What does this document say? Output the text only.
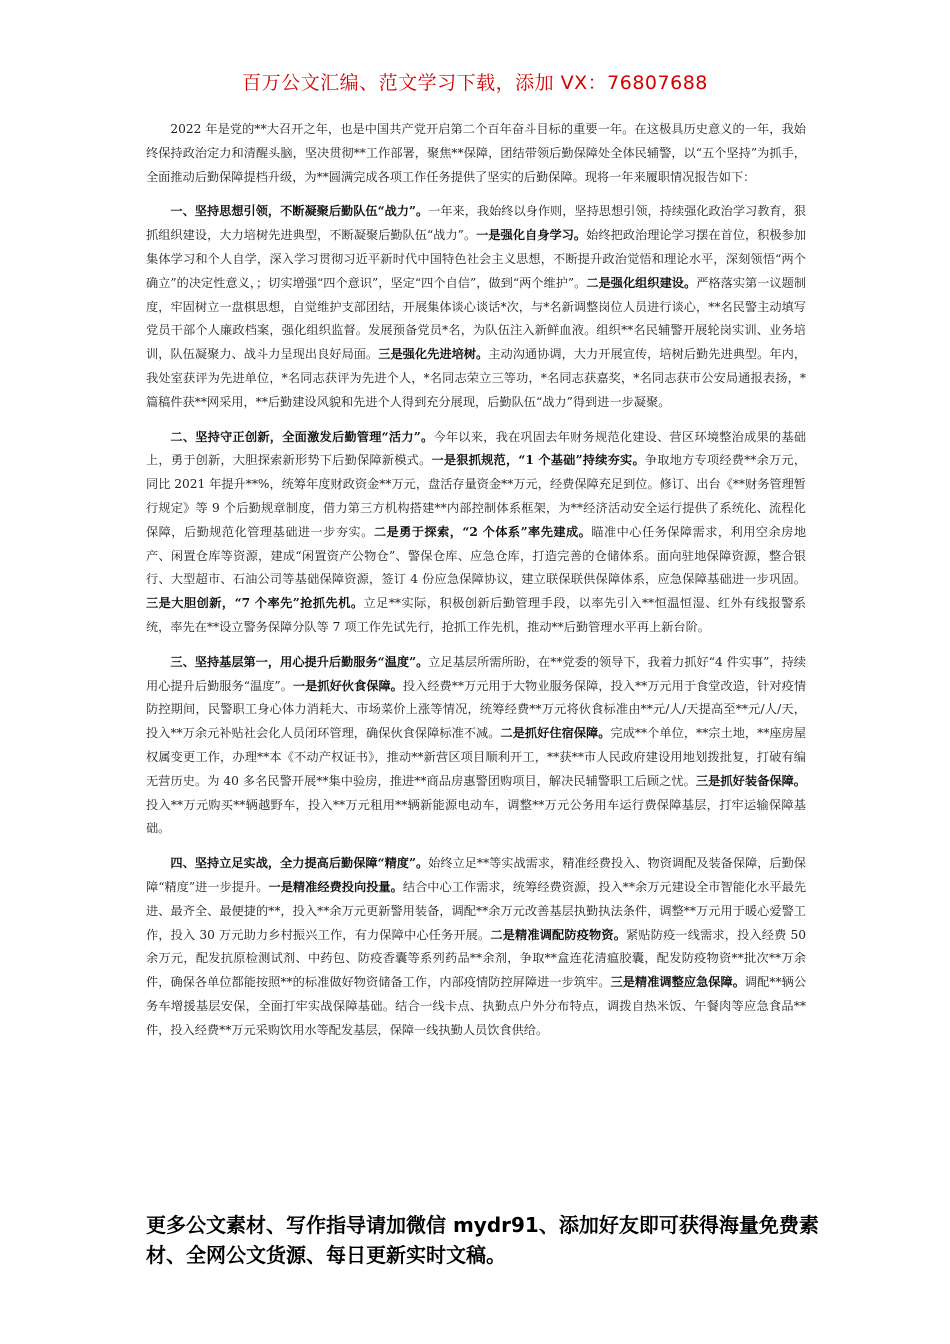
百万公文汇编、范文学习下载，添加 VX：76807688

2022 年是党的**大召开之年，也是中国共产党开启第二个百年奋斗目标的重要一年。在这极具历史意义的一年，我始终保持政治定力和清醒头脑，坚决贯彻**工作部署，聚焦**保障，团结带领后勤保障处全体民辅警，以“五个坚持”为抓手，全面推动后勤保障提档升级，为**圆满完成各项工作任务提供了坚实的后勤保障。现将一年来履职情况报告如下：

一、坚持思想引领，不断凝聚后勤队伍“战力”。一年来，我始终以身作则，坚持思想引领，持续强化政治学习教育，狠抓组织建设，大力培树先进典型，不断凝聚后勤队伍“战力”。一是强化自身学习。始终把政治理论学习摆在首位，积极参加集体学习和个人自学，深入学习贯彻习近平新时代中国特色社会主义思想，不断提升政治觉悟和理论水平，深刻领悟“两个确立”的决定性意义，；切实增强“四个意识”，坚定“四个自信”，做到“两个维护”。二是强化组织建设。严格落实第一议题制度，牢固树立一盘棋思想，自觉维护支部团结，开展集体谈心谈话*次，与*名新调整岗位人员进行谈心，**名民警主动填写党员干部个人廉政档案，强化组织监督。发展预备党员*名，为队伍注入新鲜血液。组织**名民辅警开展轮岗实训、业务培训，队伍凝聚力、战斗力呈现出良好局面。三是强化先进培树。主动沟通协调，大力开展宣传，培树后勤先进典型。年内，我处室获评为先进单位，*名同志获评为先进个人，*名同志荣立三等功，*名同志获嘉奖，*名同志获市公安局通报表扬，*篇稿件获**网采用，**后勤建设风貌和先进个人得到充分展现，后勤队伍“战力”得到进一步凝聚。

二、坚持守正创新，全面激发后勤管理“活力”。今年以来，我在巩固去年财务规范化建设、营区环境整治成果的基础上，勇于创新，大胆探索新形势下后勤保障新模式。一是狠抓规范，“1 个基础”持续夯实。争取地方专项经费**余万元，同比 2021 年提升**%，统筹年度财政资金**万元，盘活存量资金**万元，经费保障充足到位。修订、出台《**财务管理暂行规定》等 9 个后勤规章制度，借力第三方机构搭建**内部控制体系框架，为**经济活动安全运行提供了系统化、流程化保障，后勤规范化管理基础进一步夯实。二是勇于探索，“2 个体系”率先建成。瞄准中心任务保障需求，利用空余房地产、闲置仓库等资源，建成“闲置资产公物仓”、警保仓库、应急仓库，打造完善的仓储体系。面向驻地保障资源，整合银行、大型超市、石油公司等基础保障资源，签订 4 份应急保障协议，建立联保联供保障体系，应急保障基础进一步巩固。三是大胆创新，“7 个率先”抢抓先机。立足**实际，积极创新后勤管理手段，以率先引入**恒温恒湿、红外有线报警系统，率先在**设立警务保障分队等 7 项工作先试先行，抢抓工作先机，推动**后勤管理水平再上新台阶。

三、坚持基层第一，用心提升后勤服务“温度”。立足基层所需所盼，在**党委的领导下，我着力抓好“4 件实事”，持续用心提升后勤服务“温度”。一是抓好伙食保障。投入经费**万元用于大物业服务保障，投入**万元用于食堂改造，针对疫情防控期间，民警职工身心体力消耗大、市场菜价上涨等情况，统筹经费**万元将伙食标准由**元/人/天提高至**元/人/天，投入**万余元补贴社会化人员闭环管理，确保伙食保障标准不减。二是抓好住宿保障。完成**个单位，**宗土地，**座房屋权属变更工作，办理**本《不动产权证书》，推动**新营区项目顺利开工，**获**市人民政府建设用地划拨批复，打破有编无营历史。为 40 多名民警开展**集中验房，推进**商品房惠警团购项目，解决民辅警职工后顾之忧。三是抓好装备保障。投入**万元购买**辆越野车，投入**万元租用**辆新能源电动车，调整**万元公务用车运行费保障基层，打牢运输保障基础。

四、坚持立足实战，全力提高后勤保障“精度”。始终立足**等实战需求，精准经费投入、物资调配及装备保障，后勤保障“精度”进一步提升。一是精准经费投向投量。结合中心工作需求，统筹经费资源，投入**余万元建设全市智能化水平最先进、最齐全、最便捷的**，投入**余万元更新警用装备，调配**余万元改善基层执勤执法条件，调整**万元用于暖心爱警工作，投入 30 万元助力乡村振兴工作，有力保障中心任务开展。二是精准调配防疫物资。紧贴防疫一线需求，投入经费 50 余万元，配发抗原检测试剂、中药包、防疫香囊等系列药品**余剂，争取**盒连花清瘟胶囊，配发防疫物资**批次**万余件，确保各单位都能按照**的标准做好物资储备工作，内部疫情防控屏障进一步筑牢。三是精准调整应急保障。调配**辆公务车增援基层安保，全面打牢实战保障基础。结合一线卡点、执勤点户外分布特点，调拨自热米饭、午餐肉等应急食品**件，投入经费**万元采购饮用水等配发基层，保障一线执勤人员饮食供给。

更多公文素材、写作指导请加微信 mydr91、添加好友即可获得海量免费素材、全网公文货源、每日更新实时文稿。
